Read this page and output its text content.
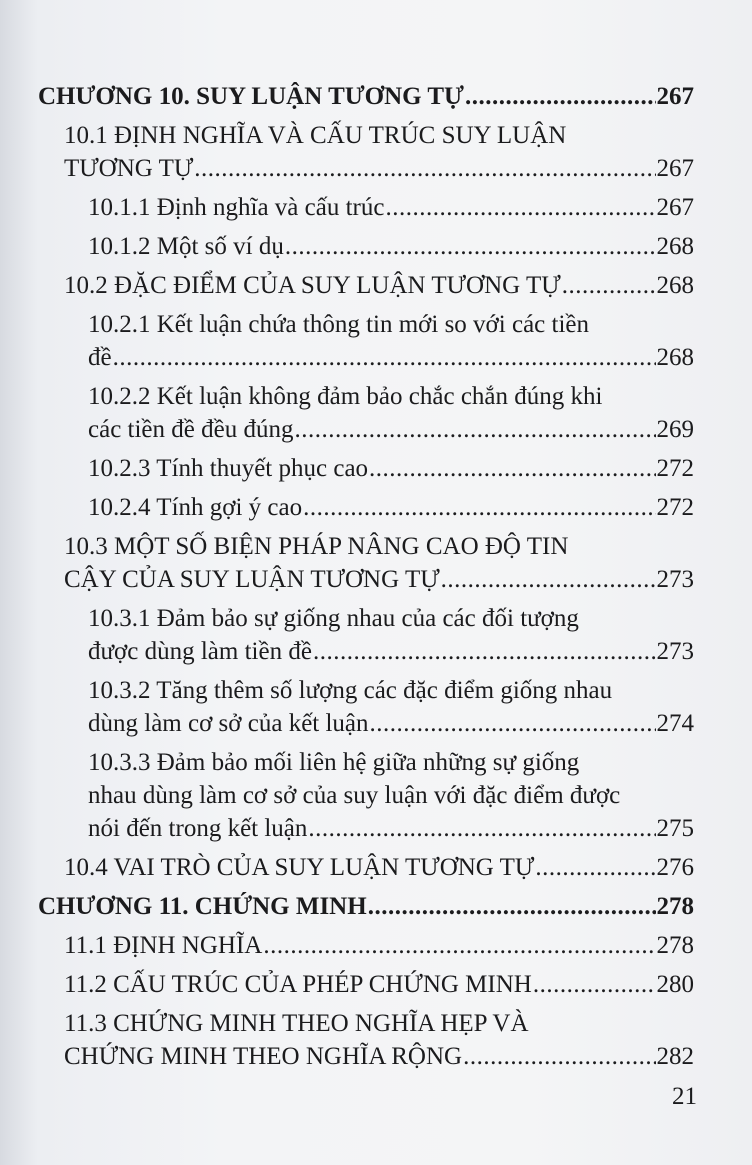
CHƯƠNG 10. SUY LUẬN TƯƠNG TỰ .....	267
10.1 ĐỊNH NGHĨA VÀ CẤU TRÚC SUY LUẬN
TƯƠNG TỰ .....	267
10.1.1 Định nghĩa và cấu trúc .....	267
10.1.2 Một số ví dụ .....	268
10.2 ĐẶC ĐIỂM CỦA SUY LUẬN TƯƠNG TỰ .....	268
10.2.1 Kết luận chứa thông tin mới so với các tiền
đề .....	268
10.2.2 Kết luận không đảm bảo chắc chắn đúng khi
các tiền đề đều đúng .....	269
10.2.3 Tính thuyết phục cao .....	272
10.2.4 Tính gợi ý cao .....	272
10.3 MỘT SỐ BIỆN PHÁP NÂNG CAO ĐỘ TIN
CẬY CỦA SUY LUẬN TƯƠNG TỰ .....	273
10.3.1 Đảm bảo sự giống nhau của các đối tượng
được dùng làm tiền đề .....	273
10.3.2 Tăng thêm số lượng các đặc điểm giống nhau
dùng làm cơ sở của kết luận .....	274
10.3.3 Đảm bảo mối liên hệ giữa những sự giống
nhau dùng làm cơ sở của suy luận với đặc điểm được
nói đến trong kết luận .....	275
10.4 VAI TRÒ CỦA SUY LUẬN TƯƠNG TỰ .....	276
CHƯƠNG 11. CHỨNG MINH .....	278
11.1 ĐỊNH NGHĨA .....	278
11.2 CẤU TRÚC CỦA PHÉP CHỨNG MINH .....	280
11.3 CHỨNG MINH THEO NGHĨA HẸP VÀ
CHỨNG MINH THEO NGHĨA RỘNG .....	282
21
